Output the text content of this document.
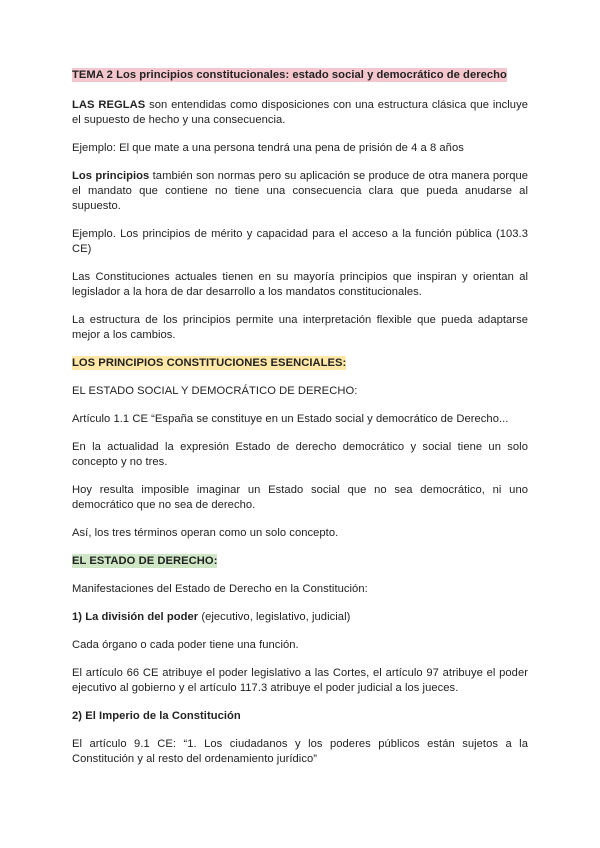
TEMA 2 Los principios constitucionales: estado social y democrático de derecho

LAS REGLAS son entendidas como disposiciones con una estructura clásica que incluye el supuesto de hecho y una consecuencia.

Ejemplo: El que mate a una persona tendrá una pena de prisión de 4 a 8 años

Los principios también son normas pero su aplicación se produce de otra manera porque el mandato que contiene no tiene una consecuencia clara que pueda anudarse al supuesto.

Ejemplo. Los principios de mérito y capacidad para el acceso a la función pública (103.3 CE)

Las Constituciones actuales tienen en su mayoría principios que inspiran y orientan al legislador a la hora de dar desarrollo a los mandatos constitucionales.

La estructura de los principios permite una interpretación flexible que pueda adaptarse mejor a los cambios.

LOS PRINCIPIOS CONSTITUCIONES ESENCIALES:

EL ESTADO SOCIAL Y DEMOCRÁTICO DE DERECHO:

Artículo 1.1 CE “España se constituye en un Estado social y democrático de Derecho...

En la actualidad la expresión Estado de derecho democrático y social tiene un solo concepto y no tres.

Hoy resulta imposible imaginar un Estado social que no sea democrático, ni uno democrático que no sea de derecho.

Así, los tres términos operan como un solo concepto.

EL ESTADO DE DERECHO:

Manifestaciones del Estado de Derecho en la Constitución:

1) La división del poder (ejecutivo, legislativo, judicial)

Cada órgano o cada poder tiene una función.

El artículo 66 CE atribuye el poder legislativo a las Cortes, el artículo 97 atribuye el poder ejecutivo al gobierno y el artículo 117.3 atribuye el poder judicial a los jueces.

2) El Imperio de la Constitución

El artículo 9.1 CE: “1. Los ciudadanos y los poderes públicos están sujetos a la Constitución y al resto del ordenamiento jurídico”
